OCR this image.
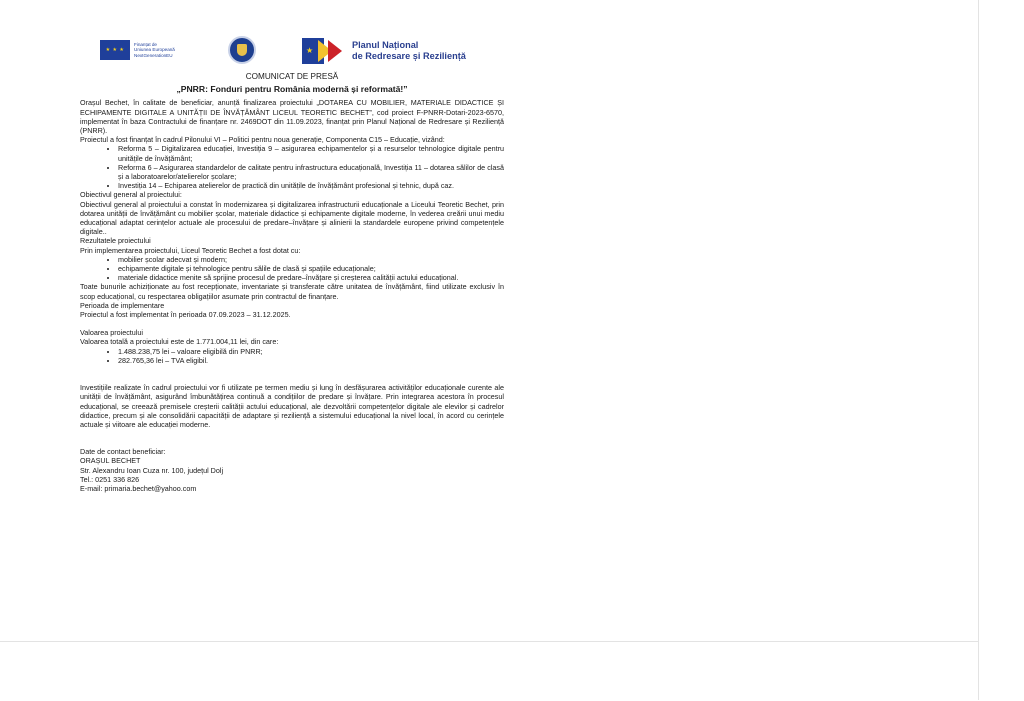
★ ★ ★
Finanțat de
Uniunea Europeană
NextGenerationEU
★
Planul Național
de Redresare și Reziliență
COMUNICAT DE PRESĂ
„PNRR: Fonduri pentru România modernă și reformată!”

Orașul Bechet, în calitate de beneficiar, anunță finalizarea proiectului „DOTAREA CU MOBILIER, MATERIALE DIDACTICE ȘI ECHIPAMENTE DIGITALE A UNITĂȚII DE ÎNVĂȚĂMÂNT LICEUL TEORETIC BECHET”, cod proiect F-PNRR-Dotari-2023-6570, implementat în baza Contractului de finanțare nr. 2469DOT din 11.09.2023, finanțat prin Planul Național de Redresare și Reziliență (PNRR).

Proiectul a fost finanțat în cadrul Pilonului VI – Politici pentru noua generație, Componenta C15 – Educație, vizând:

• Reforma 5 – Digitalizarea educației, Investiția 9 – asigurarea echipamentelor și a resurselor tehnologice digitale pentru unitățile de învățământ;
• Reforma 6 – Asigurarea standardelor de calitate pentru infrastructura educațională, Investiția 11 – dotarea sălilor de clasă și a laboratoarelor/atelierelor școlare;
• Investiția 14 – Echiparea atelierelor de practică din unitățile de învățământ profesional și tehnic, după caz.

Obiectivul general al proiectului:

Obiectivul general al proiectului a constat în modernizarea și digitalizarea infrastructurii educaționale a Liceului Teoretic Bechet, prin dotarea unității de învățământ cu mobilier școlar, materiale didactice și echipamente digitale moderne, în vederea creării unui mediu educațional adaptat cerințelor actuale ale procesului de predare–învățare și alinierii la standardele europene privind competențele digitale..

Rezultatele proiectului

Prin implementarea proiectului, Liceul Teoretic Bechet a fost dotat cu:

• mobilier școlar adecvat și modern;
• echipamente digitale și tehnologice pentru sălile de clasă și spațiile educaționale;
• materiale didactice menite să sprijine procesul de predare–învățare și creșterea calității actului educațional.

Toate bunurile achiziționate au fost recepționate, inventariate și transferate către unitatea de învățământ, fiind utilizate exclusiv în scop educațional, cu respectarea obligațiilor asumate prin contractul de finanțare.

Perioada de implementare

Proiectul a fost implementat în perioada 07.09.2023 – 31.12.2025.

Valoarea proiectului

Valoarea totală a proiectului este de 1.771.004,11 lei, din care:

• 1.488.238,75 lei – valoare eligibilă din PNRR;
• 282.765,36 lei – TVA eligibil.

Investițiile realizate în cadrul proiectului vor fi utilizate pe termen mediu și lung în desfășurarea activităților educaționale curente ale unității de învățământ, asigurând îmbunătățirea continuă a condițiilor de predare și învățare. Prin integrarea acestora în procesul educațional, se creează premisele creșterii calității actului educațional, ale dezvoltării competențelor digitale ale elevilor și cadrelor didactice, precum și ale consolidării capacității de adaptare și reziliență a sistemului educațional la nivel local, în acord cu cerințele actuale și viitoare ale educației moderne.

Date de contact beneficiar:
ORAȘUL BECHET
Str. Alexandru Ioan Cuza nr. 100, județul Dolj
Tel.: 0251 336 826
E-mail: primaria.bechet@yahoo.com
